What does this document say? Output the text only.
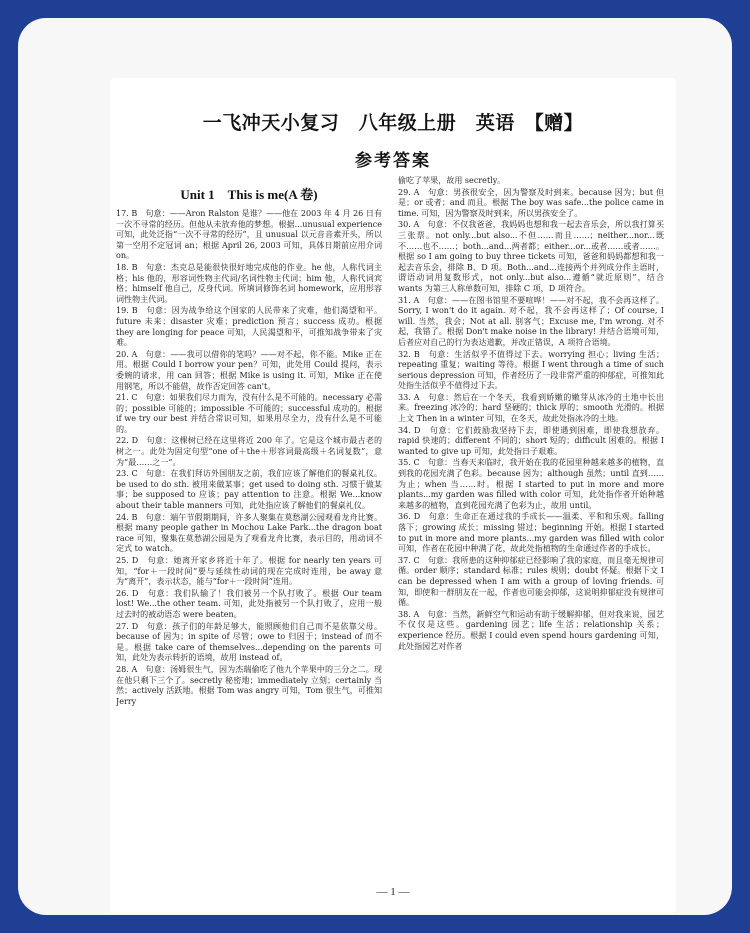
一飞冲天小复习　八年级上册　英语　【赠】
参考答案
Unit 1　This is me(A 卷)

17. B　句意：——Aron Ralston 是谁？——他在 2003 年 4 月 26 日有一次不寻常的经历。但他从未放弃他的梦想。根据...unusual experience 可知，此处泛指“一次不寻常的经历”，且 unusual 以元音音素开头，所以第一空用不定冠词 an；根据 April 26, 2003 可知，具体日期前应用介词 on。

18. B　句意：杰克总是能很快很好地完成他的作业。he 他，人称代词主格；his 他的，形容词性物主代词/名词性物主代词；him 他，人称代词宾格；himself 他自己，反身代词。所填词修饰名词 homework，应用形容词性物主代词。

19. B　句意：因为战争给这个国家的人民带来了灾难，他们渴望和平。future 未来；disaster 灾难；prediction 预言；success 成功。根据 they are longing for peace 可知，人民渴望和平，可推知战争带来了灾难。

20. A　句意：——我可以借你的笔吗？——对不起，你不能。Mike 正在用。根据 Could I borrow your pen？可知，此处用 Could 提问，表示委婉的请求，用 can 回答；根据 Mike is using it. 可知，Mike 正在使用钢笔，所以不能借，故作否定回答 can't。

21. C　句意：如果我们尽力而为，没有什么是不可能的。necessary 必需的；possible 可能的；impossible 不可能的；successful 成功的。根据 if we try our best 并结合常识可知，如果用尽全力，没有什么是不可能的。

22. D　句意：这棵树已经在这里将近 200 年了。它是这个城市最古老的树之一。此处为固定句型“one of＋the＋形容词最高级＋名词复数”，意为“最……之一”。

23. C　句意：在我们拜访外国朋友之前，我们应该了解他们的餐桌礼仪。be used to do sth. 被用来做某事；get used to doing sth. 习惯于做某事；be supposed to 应该；pay attention to 注意。根据 We...know about their table manners 可知，此处指应该了解他们的餐桌礼仪。

24. B　句意：端午节假期期间，许多人聚集在莫愁湖公园观看龙舟比赛。根据 many people gather in Mochou Lake Park...the dragon boat race 可知，聚集在莫愁湖公园是为了观看龙舟比赛，表示目的，用动词不定式 to watch。

25. D　句意：她离开家乡将近十年了。根据 for nearly ten years 可知，“for＋一段时间”要与延续性动词的现在完成时连用，be away 意为“离开”，表示状态，能与“for＋一段时间”连用。

26. D　句意：我们队输了！我们被另一个队打败了。根据 Our team lost! We...the other team. 可知，此处指被另一个队打败了，应用一般过去时的被动语态 were beaten。

27. D　句意：孩子们的年龄足够大，能照顾他们自己而不是依靠父母。because of 因为；in spite of 尽管；owe to 归因于；instead of 而不是。根据 take care of themselves...depending on the parents 可知，此处为表示转折的语境，故用 instead of。

28. A　句意：汤姆很生气，因为杰瑞偷吃了他九个苹果中的三分之二。现在他只剩下三个了。secretly 秘密地；immediately 立刻；certainly 当然；actively 活跃地。根据 Tom was angry 可知，Tom 很生气，可推知 Jerry

偷吃了苹果，故用 secretly。

29. A　句意：男孩很安全，因为警察及时到来。because 因为；but 但是；or 或者；and 而且。根据 The boy was safe...the police came in time. 可知，因为警察及时到来，所以男孩安全了。

30. A　句意：不仅我爸爸，我妈妈也想和我一起去音乐会，所以我打算买三张票。not only...but also...不但……而且……；neither...nor...既不……也不……；both...and...两者都；either...or...或者……或者……。根据 so I am going to buy three tickets 可知，爸爸和妈妈都想和我一起去音乐会，排除 B、D 项。Both...and...连接两个并列成分作主语时，谓语动词用复数形式，not only...but also...遵循“就近原则”，结合 wants 为第三人称单数可知，排除 C 项，D 项符合。

31. A　句意：——在图书馆里不要喧哗！——对不起，我不会再这样了。Sorry, I won't do it again. 对不起，我不会再这样了；Of course, I will. 当然，我会；Not at all. 别客气；Excuse me, I'm wrong. 对不起，我错了。根据 Don't make noise in the library! 并结合语境可知，后者应对自己的行为表达道歉，并改正错误，A 项符合语境。

32. B　句意：生活似乎不值得过下去。worrying 担心；living 生活；repeating 重复；waiting 等待。根据 I went through a time of such serious depression 可知，作者经历了一段非常严重的抑郁症，可推知此处指生活似乎不值得过下去。

33. A　句意：然后在一个冬天，我看到娇嫩的嫩芽从冰冷的土地中长出来。freezing 冰冷的；hard 坚硬的；thick 厚的；smooth 光滑的。根据上文 Then in a winter 可知，在冬天，故此处指冰冷的土地。

34. D　句意：它们鼓励我坚持下去，即使遇到困难，即使我想放弃。rapid 快速的；different 不同的；short 短的；difficult 困难的。根据 I wanted to give up 可知，此处指日子艰难。

35. C　句意：当春天来临时，我开始在我的花园里种越来越多的植物，直到我的花园充满了色彩。because 因为；although 虽然；until 直到……为止；when 当……时。根据 I started to put in more and more plants...my garden was filled with color 可知，此处指作者开始种越来越多的植物，直到花园充满了色彩为止，故用 until。

36. D　句意：生命正在通过我的手成长——温柔、平和和乐观。falling 落下；growing 成长；missing 错过；beginning 开始。根据 I started to put in more and more plants...my garden was filled with color 可知，作者在花园中种满了花，故此处指植物的生命通过作者的手成长。

37. C　句意：我所患的这种抑郁症已经影响了我的家庭，而且毫无规律可循。order 顺序；standard 标准；rules 规则；doubt 怀疑。根据下文 I can be depressed when I am with a group of loving friends. 可知，即使和一群朋友在一起，作者也可能会抑郁，这说明抑郁症没有规律可循。

38. A　句意：当然，新鲜空气和运动有助于缓解抑郁，但对我来说，园艺不仅仅是这些。gardening 园艺；life 生活；relationship 关系；experience 经历。根据 I could even spend hours gardening 可知，此处指园艺对作者

— 1 —
